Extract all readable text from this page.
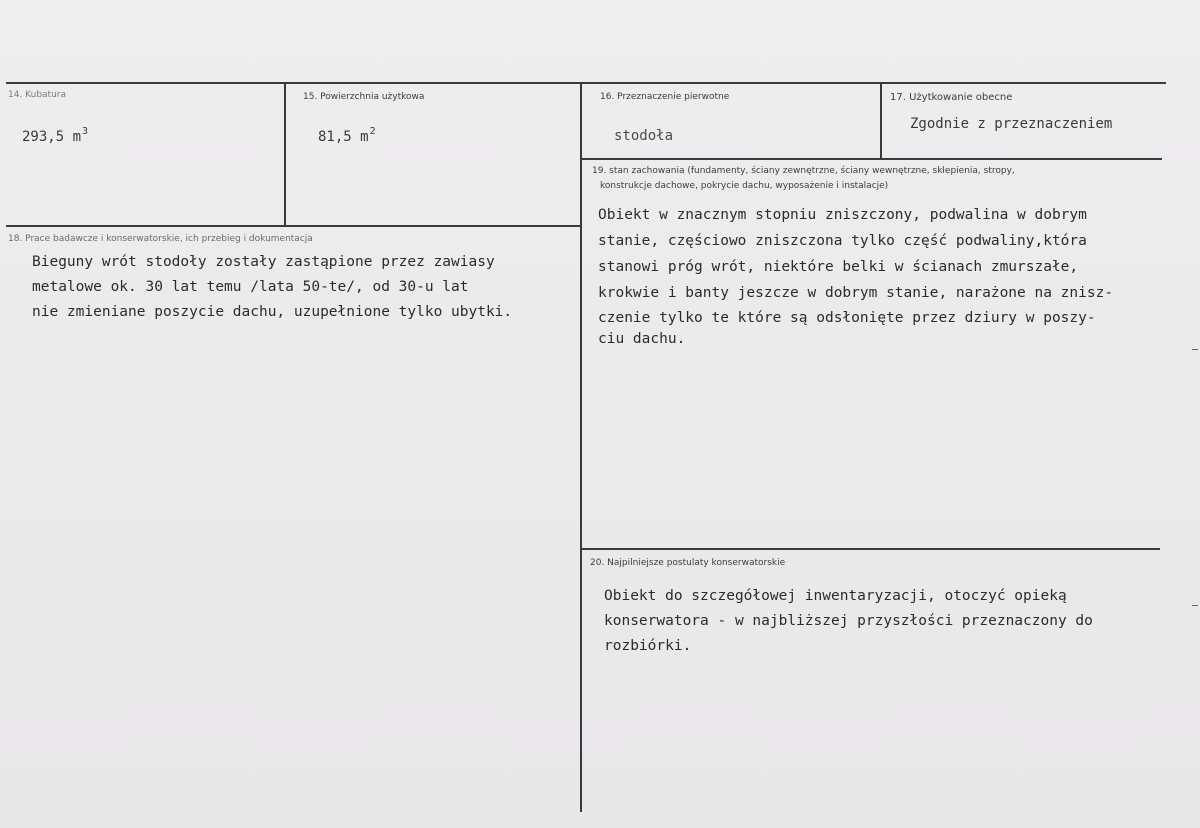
14. Kubatura
293,5 $m^3$
15. Powierzchnia użytkowa
81,5 $m^2$
16. Przeznaczenie pierwotne
stodoła
17. Użytkowanie obecne
Zgodnie z przeznaczeniem
18. Prace badawcze i konserwatorskie, ich przebieg i dokumentacja
Bieguny wrót stodoły zostały zastąpione przez zawiasy
metalowe ok. 30 lat temu /lata 50-te/, od 30-u lat
nie zmieniane poszycie dachu, uzupełnione tylko ubytki.
19. stan zachowania (fundamenty, ściany zewnętrzne, ściany wewnętrzne, sklepienia, stropy,
konstrukcje dachowe, pokrycie dachu, wyposażenie i instalacje)
Obiekt w znacznym stopniu zniszczony, podwalina w dobrym
stanie, częściowo zniszczona tylko część podwaliny,która
stanowi próg wrót, niektóre belki w ścianach zmurszałe,
krokwie i banty jeszcze w dobrym stanie, narażone na znisz-
czenie tylko te które są odsłonięte przez dziury w poszy-
ciu dachu.
20. Najpilniejsze postulaty konserwatorskie
Obiekt do szczegółowej inwentaryzacji, otoczyć opieką
konserwatora - w najbliższej przyszłości przeznaczony do
rozbiórki.
